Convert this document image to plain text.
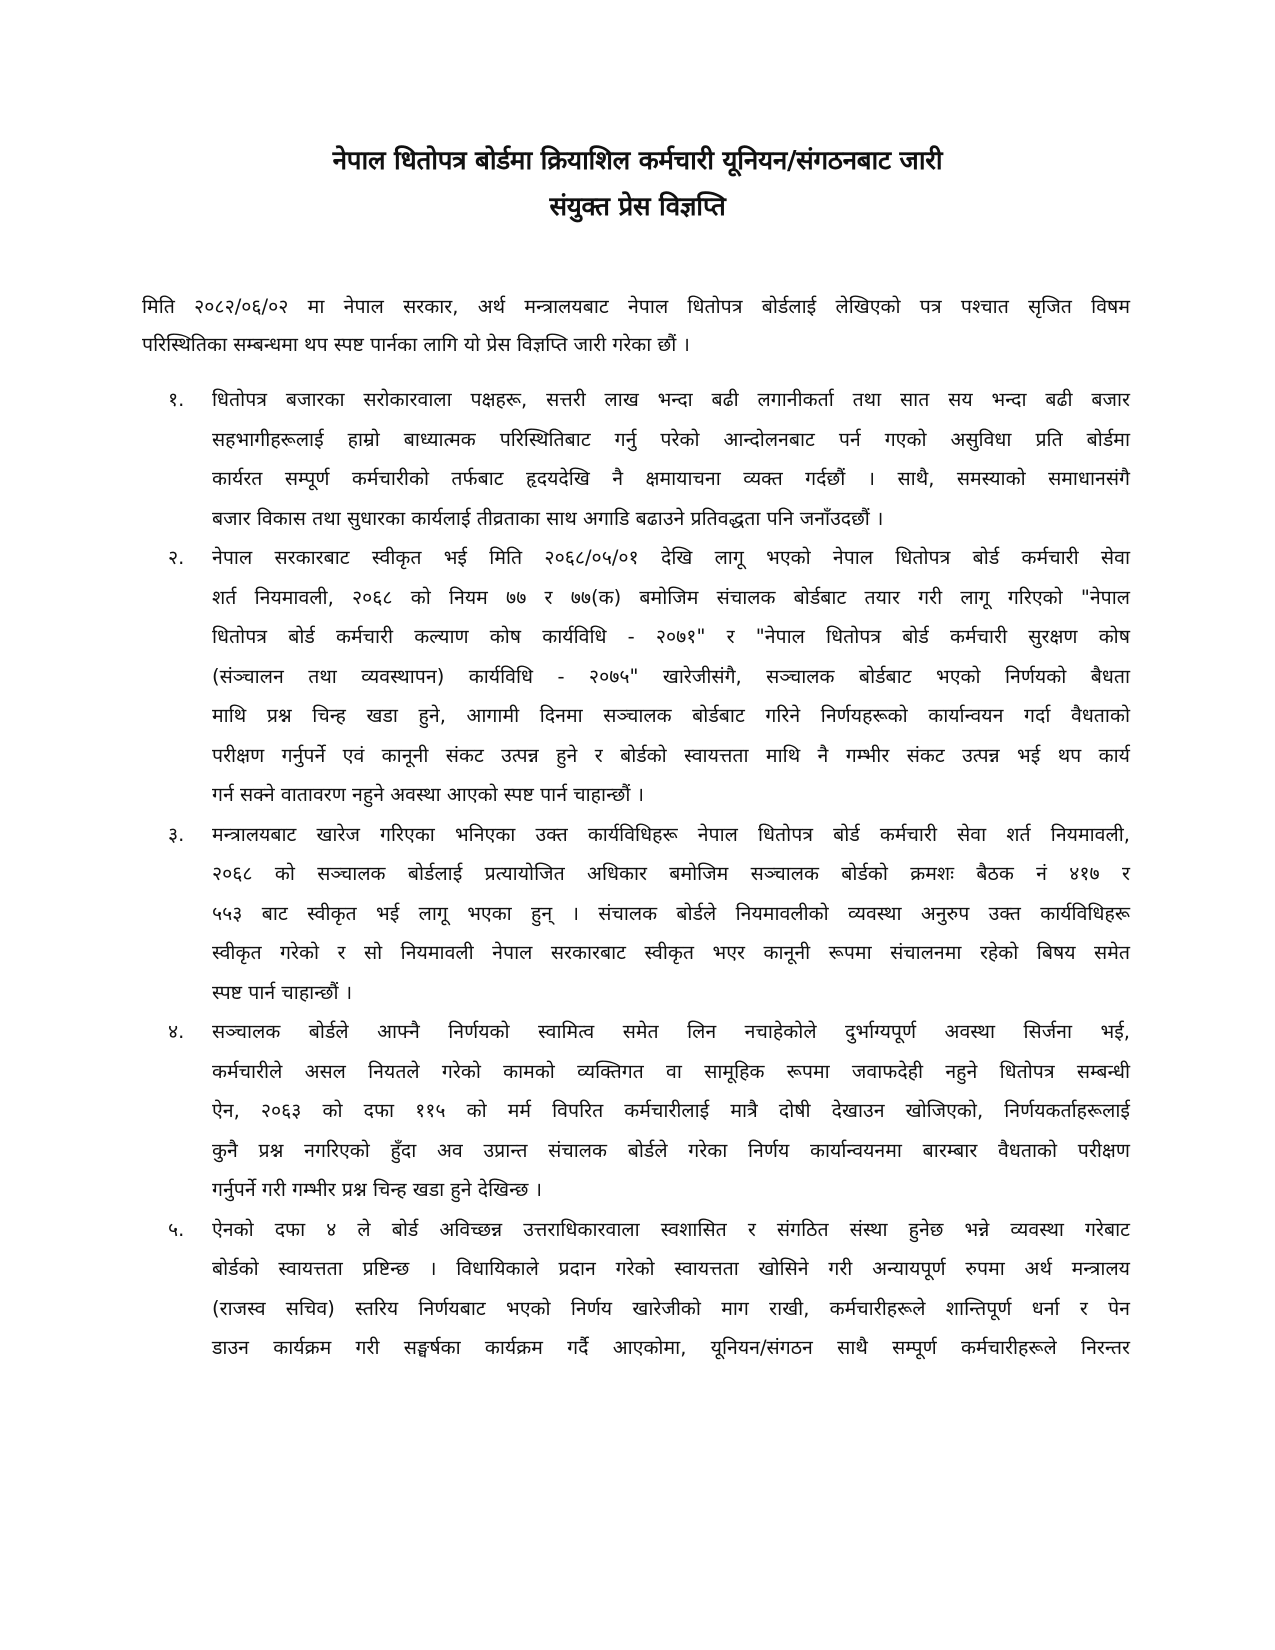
नेपाल धितोपत्र बोर्डमा क्रियाशिल कर्मचारी यूनियन/संगठनबाट जारी
संयुक्त प्रेस विज्ञप्ति
मिति २०८२/०६/०२ मा नेपाल सरकार, अर्थ मन्त्रालयबाट नेपाल धितोपत्र बोर्डलाई लेखिएको पत्र पश्चात सृजित विषम
परिस्थितिका सम्बन्धमा थप स्पष्ट पार्नका लागि यो प्रेस विज्ञप्ति जारी गरेका छौं ।
१. धितोपत्र बजारका सरोकारवाला पक्षहरू, सत्तरी लाख भन्दा बढी लगानीकर्ता तथा सात सय भन्दा बढी बजार
सहभागीहरूलाई हाम्रो बाध्यात्मक परिस्थितिबाट गर्नु परेको आन्दोलनबाट पर्न गएको असुविधा प्रति बोर्डमा
कार्यरत सम्पूर्ण कर्मचारीको तर्फबाट हृदयदेखि नै क्षमायाचना व्यक्त गर्दछौं । साथै, समस्याको समाधानसंगै
बजार विकास तथा सुधारका कार्यलाई तीव्रताका साथ अगाडि बढाउने प्रतिवद्धता पनि जनाँउदछौं ।
२. नेपाल सरकारबाट स्वीकृत भई मिति २०६८/०५/०१ देखि लागू भएको नेपाल धितोपत्र बोर्ड कर्मचारी सेवा
शर्त नियमावली, २०६८ को नियम ७७ र ७७(क) बमोजिम संचालक बोर्डबाट तयार गरी लागू गरिएको "नेपाल
धितोपत्र बोर्ड कर्मचारी कल्याण कोष कार्यविधि - २०७१" र "नेपाल धितोपत्र बोर्ड कर्मचारी सुरक्षण कोष
(संञ्चालन तथा व्यवस्थापन) कार्यविधि - २०७५" खारेजीसंगै, सञ्चालक बोर्डबाट भएको निर्णयको बैधता
माथि प्रश्न चिन्ह खडा हुने, आगामी दिनमा सञ्चालक बोर्डबाट गरिने निर्णयहरूको कार्यान्वयन गर्दा वैधताको
परीक्षण गर्नुपर्ने एवं कानूनी संकट उत्पन्न हुने र बोर्डको स्वायत्तता माथि नै गम्भीर संकट उत्पन्न भई थप कार्य
गर्न सक्ने वातावरण नहुने अवस्था आएको स्पष्ट पार्न चाहान्छौं ।
३. मन्त्रालयबाट खारेज गरिएका भनिएका उक्त कार्यविधिहरू नेपाल धितोपत्र बोर्ड कर्मचारी सेवा शर्त नियमावली,
२०६८ को सञ्चालक बोर्डलाई प्रत्यायोजित अधिकार बमोजिम सञ्चालक बोर्डको क्रमशः बैठक नं ४१७ र
५५३ बाट स्वीकृत भई लागू भएका हुन् । संचालक बोर्डले नियमावलीको व्यवस्था अनुरुप उक्त कार्यविधिहरू
स्वीकृत गरेको र सो नियमावली नेपाल सरकारबाट स्वीकृत भएर कानूनी रूपमा संचालनमा रहेको बिषय समेत
स्पष्ट पार्न चाहान्छौं ।
४. सञ्चालक बोर्डले आफ्नै निर्णयको स्वामित्व समेत लिन नचाहेकोले दुर्भाग्यपूर्ण अवस्था सिर्जना भई,
कर्मचारीले असल नियतले गरेको कामको व्यक्तिगत वा सामूहिक रूपमा जवाफदेही नहुने धितोपत्र सम्बन्धी
ऐन, २०६३ को दफा ११५ को मर्म विपरित कर्मचारीलाई मात्रै दोषी देखाउन खोजिएको, निर्णयकर्ताहरूलाई
कुनै प्रश्न नगरिएको हुँदा अव उप्रान्त संचालक बोर्डले गरेका निर्णय कार्यान्वयनमा बारम्बार वैधताको परीक्षण
गर्नुपर्ने गरी गम्भीर प्रश्न चिन्ह खडा हुने देखिन्छ ।
५. ऐनको दफा ४ ले बोर्ड अविच्छन्न उत्तराधिकारवाला स्वशासित र संगठित संस्था हुनेछ भन्ने व्यवस्था गरेबाट
बोर्डको स्वायत्तता प्रष्टिन्छ । विधायिकाले प्रदान गरेको स्वायत्तता खोसिने गरी अन्यायपूर्ण रुपमा अर्थ मन्त्रालय
(राजस्व सचिव) स्तरिय निर्णयबाट भएको निर्णय खारेजीको माग राखी, कर्मचारीहरूले शान्तिपूर्ण धर्ना र पेन
डाउन कार्यक्रम गरी सङ्घर्षका कार्यक्रम गर्दै आएकोमा, यूनियन/संगठन साथै सम्पूर्ण कर्मचारीहरूले निरन्तर
